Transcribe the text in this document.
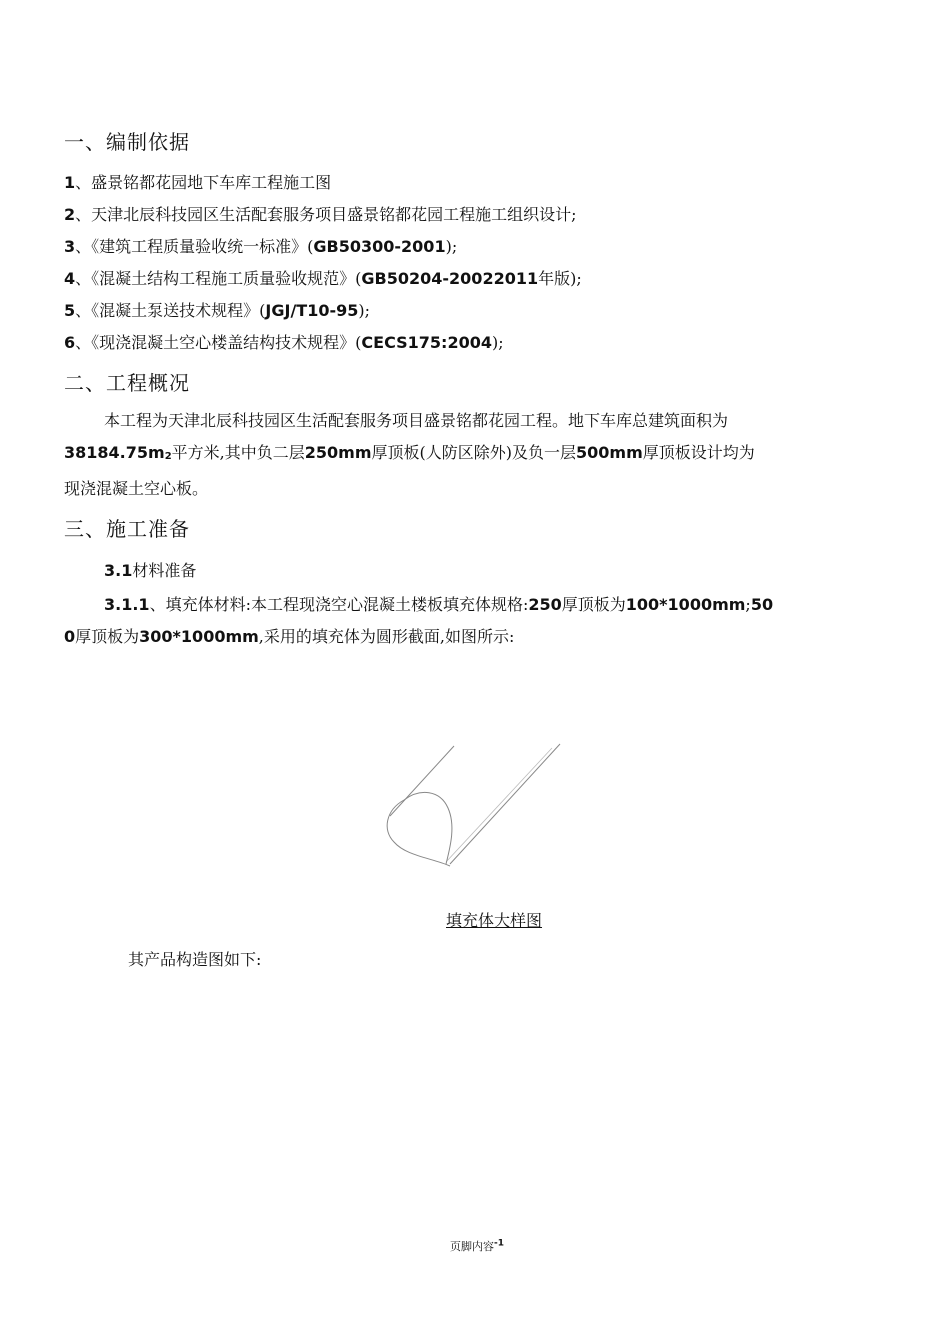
一、编制依据
1、盛景铭都花园地下车库工程施工图
2、天津北辰科技园区生活配套服务项目盛景铭都花园工程施工组织设计;
3、《建筑工程质量验收统一标准》(GB50300-2001);
4、《混凝土结构工程施工质量验收规范》(GB50204-20022011年版);
5、《混凝土泵送技术规程》(JGJ/T10-95);
6、《现浇混凝土空心楼盖结构技术规程》(CECS175:2004);
二、工程概况
本工程为天津北辰科技园区生活配套服务项目盛景铭都花园工程。地下车库总建筑面积为
$38184.75m_2$平方米,其中负二层250mm厚顶板(人防区除外)及负一层500mm厚顶板设计均为
现浇混凝土空心板。
三、施工准备
3.1材料准备
3.1.1、填充体材料:本工程现浇空心混凝土楼板填充体规格:250厚顶板为100*1000mm;50
0厚顶板为300*1000mm,采用的填充体为圆形截面,如图所示:
填充体大样图
其产品构造图如下:
页脚内容$^{-1}$
